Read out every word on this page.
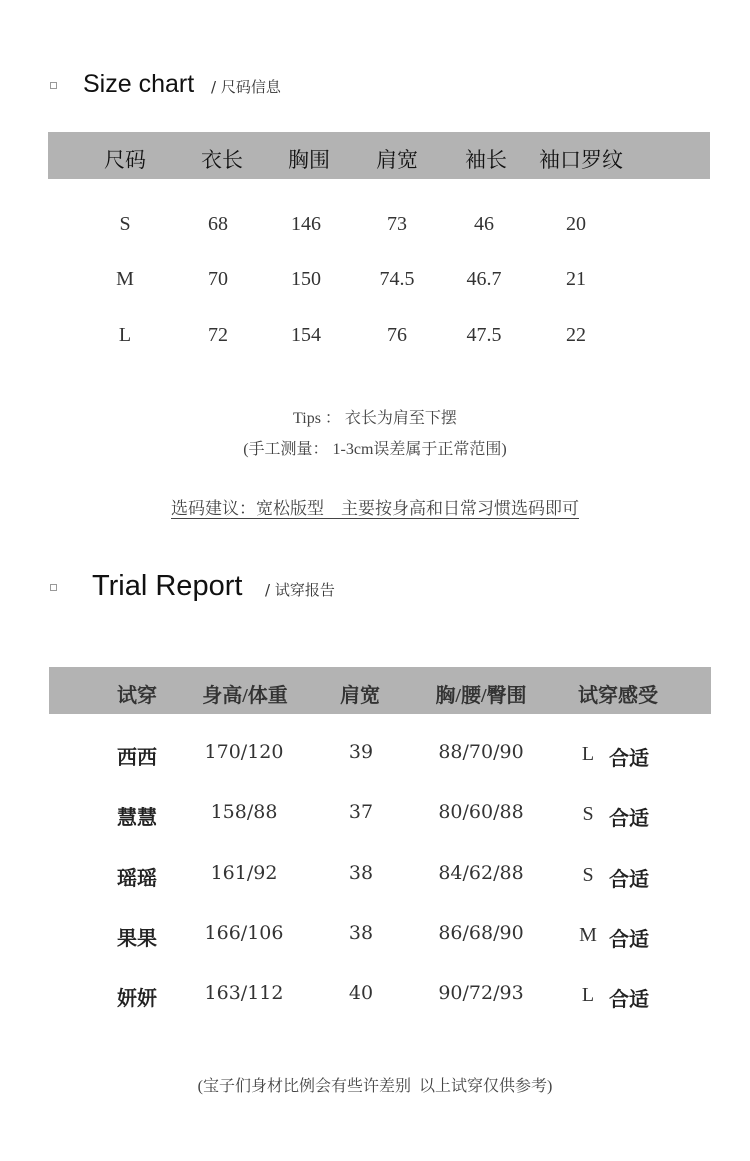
Size chart / 尺码信息
尺码	衣长 胸围 肩宽 袖长 袖口罗纹
S	68	146	73	46	20
M	70	150	74.5	46.7	21
L	72	154	76	47.5	22
Tips ： 衣长为肩至下摆
(手工测量： 1-3cm误差属于正常范围)
选码建议：宽松版型    主要按身高和日常习惯选码即可
Trial Report / 试穿报告
试穿 身高/体重	肩宽	胸/腰/臀围	试穿感受
西西	170/120	39	88/70/90	L 合适
慧慧	158/88	37	80/60/88	S 合适
瑶瑶	161/92	38	84/62/88	S 合适
果果	166/106	38	86/68/90	M 合适
妍妍	163/112	40	90/72/93	L 合适
(宝子们身材比例会有些许差别  以上试穿仅供参考)
